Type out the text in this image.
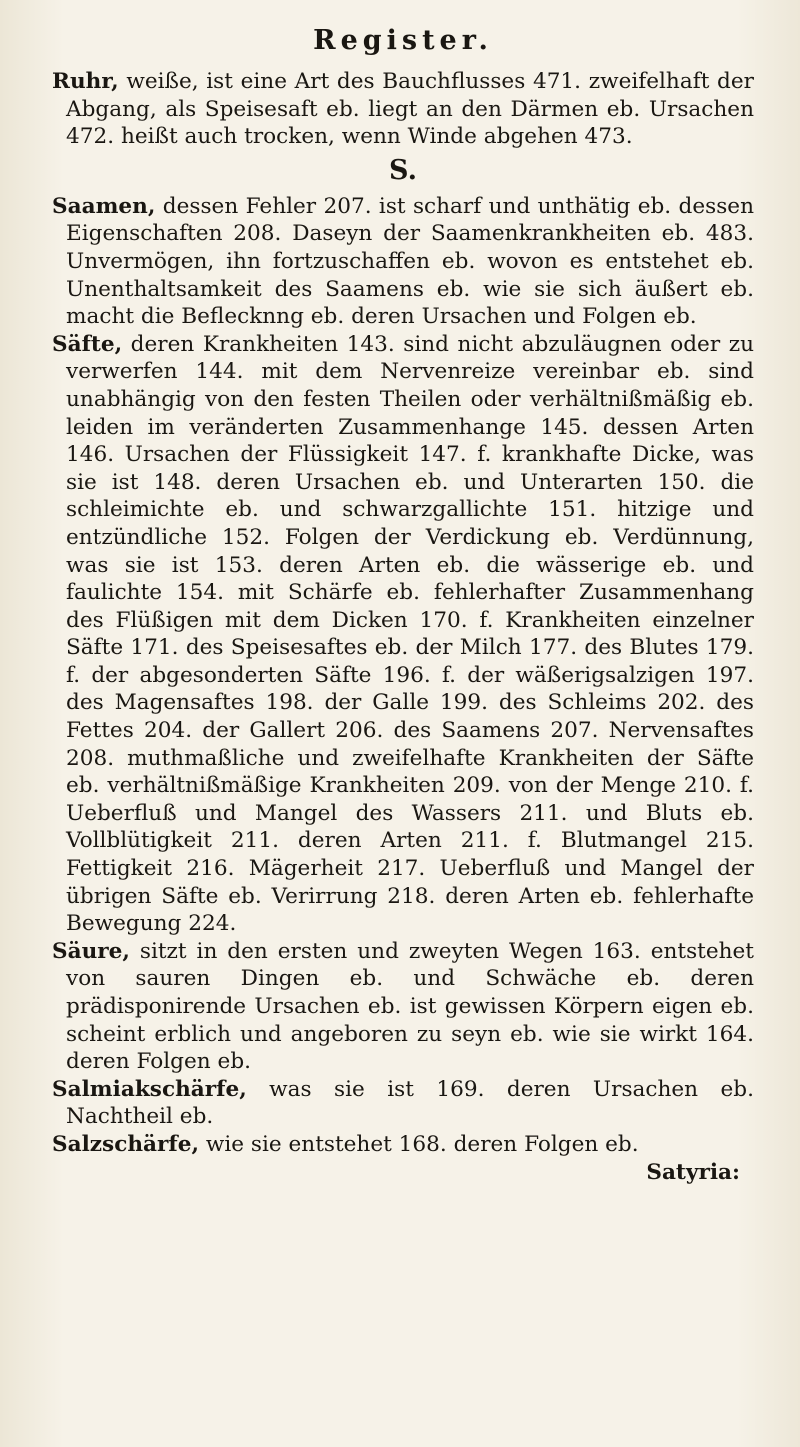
Register.

Ruhr, weiße, ist eine Art des Bauchflusses 471. zweifelhaft der Abgang, als Speisesaft eb. liegt an den Därmen eb. Ursachen 472. heißt auch trocken, wenn Winde abgehen 473.

S.

Saamen, dessen Fehler 207. ist scharf und unthätig eb. dessen Eigenschaften 208. Daseyn der Saamenkrankheiten eb. 483. Unvermögen, ihn fortzuschaffen eb. wovon es entstehet eb. Unenthaltsamkeit des Saamens eb. wie sie sich äußert eb. macht die Beflecknng eb. deren Ursachen und Folgen eb.

Säfte, deren Krankheiten 143. sind nicht abzuläugnen oder zu verwerfen 144. mit dem Nervenreize vereinbar eb. sind unabhängig von den festen Theilen oder verhältnißmäßig eb. leiden im veränderten Zusammenhange 145. dessen Arten 146. Ursachen der Flüssigkeit 147. f. krankhafte Dicke, was sie ist 148. deren Ursachen eb. und Unterarten 150. die schleimichte eb. und schwarzgallichte 151. hitzige und entzündliche 152. Folgen der Verdickung eb. Verdünnung, was sie ist 153. deren Arten eb. die wässerige eb. und faulichte 154. mit Schärfe eb. fehlerhafter Zusammenhang des Flüßigen mit dem Dicken 170. f. Krankheiten einzelner Säfte 171. des Speisesaftes eb. der Milch 177. des Blutes 179. f. der abgesonderten Säfte 196. f. der wäßerigsalzigen 197. des Magensaftes 198. der Galle 199. des Schleims 202. des Fettes 204. der Gallert 206. des Saamens 207. Nervensaftes 208. muthmaßliche und zweifelhafte Krankheiten der Säfte eb. verhältnißmäßige Krankheiten 209. von der Menge 210. f. Ueberfluß und Mangel des Wassers 211. und Bluts eb. Vollblütigkeit 211. deren Arten 211. f. Blutmangel 215. Fettigkeit 216. Mägerheit 217. Ueberfluß und Mangel der übrigen Säfte eb. Verirrung 218. deren Arten eb. fehlerhafte Bewegung 224.

Säure, sitzt in den ersten und zweyten Wegen 163. entstehet von sauren Dingen eb. und Schwäche eb. deren prädisponirende Ursachen eb. ist gewissen Körpern eigen eb. scheint erblich und angeboren zu seyn eb. wie sie wirkt 164. deren Folgen eb.

Salmiakschärfe, was sie ist 169. deren Ursachen eb. Nachtheil eb.

Salzschärfe, wie sie entstehet 168. deren Folgen eb.

Satyria:
